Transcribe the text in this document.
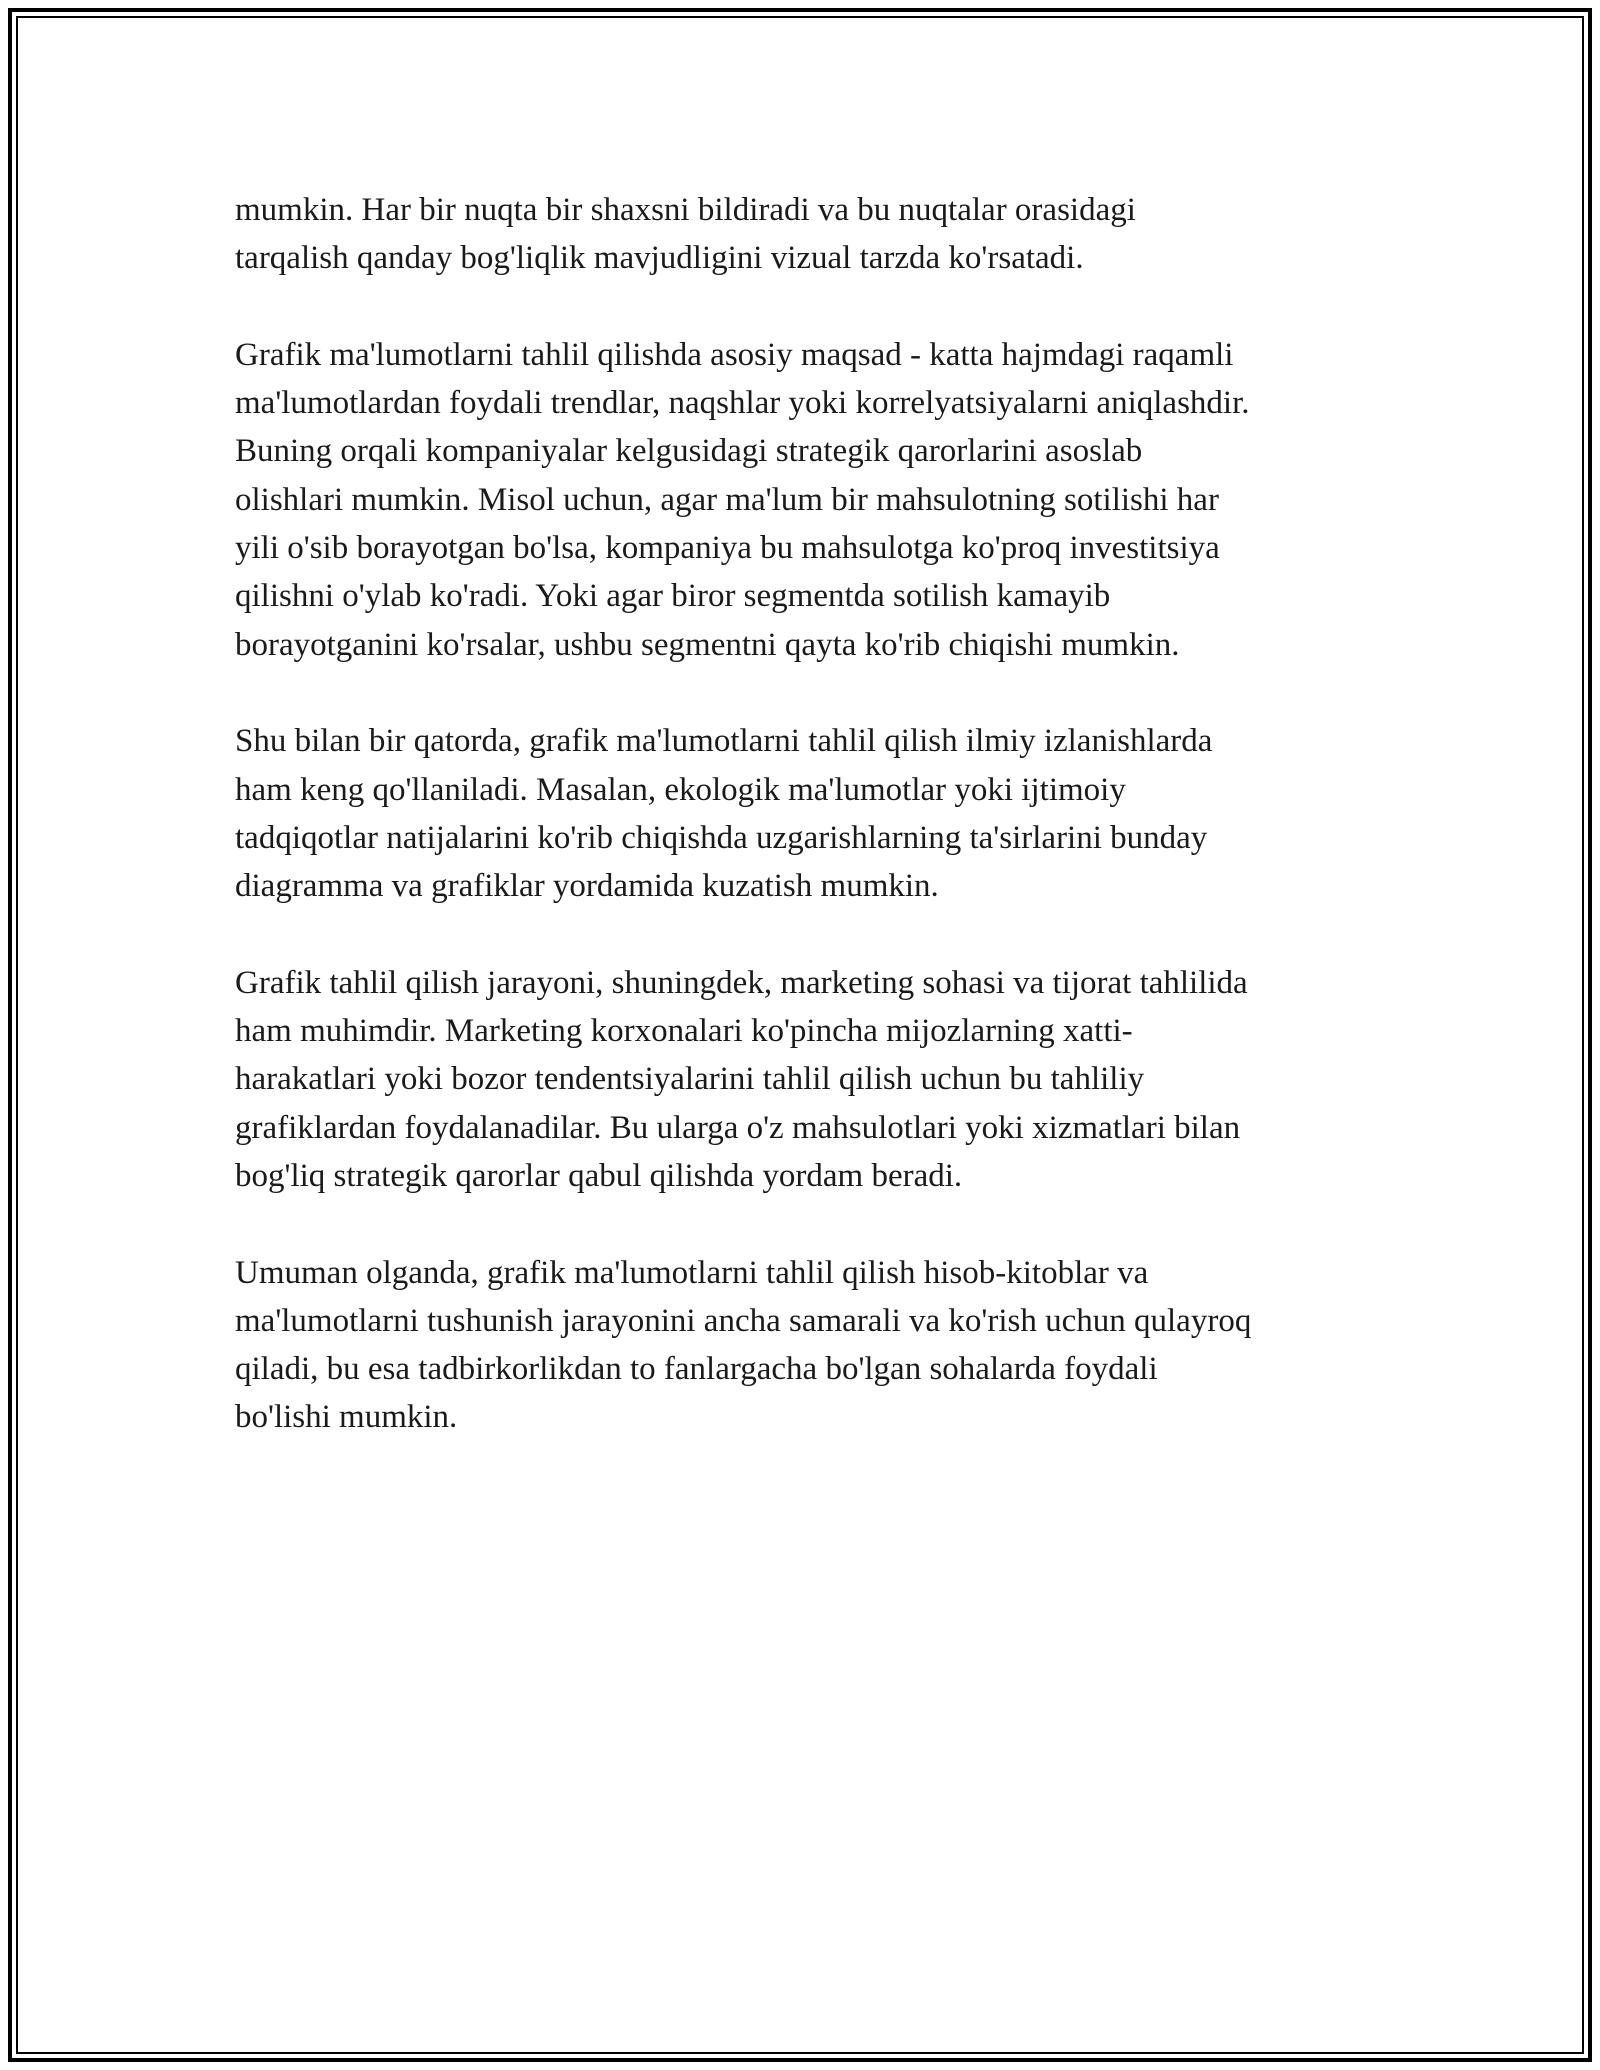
mumkin. Har bir nuqta bir shaxsni bildiradi va bu nuqtalar orasidagi
tarqalish qanday bog'liqlik mavjudligini vizual tarzda ko'rsatadi.

Grafik ma'lumotlarni tahlil qilishda asosiy maqsad - katta hajmdagi raqamli
ma'lumotlardan foydali trendlar, naqshlar yoki korrelyatsiyalarni aniqlashdir.
Buning orqali kompaniyalar kelgusidagi strategik qarorlarini asoslab
olishlari mumkin. Misol uchun, agar ma'lum bir mahsulotning sotilishi har
yili o'sib borayotgan bo'lsa, kompaniya bu mahsulotga ko'proq investitsiya
qilishni o'ylab ko'radi. Yoki agar biror segmentda sotilish kamayib
borayotganini ko'rsalar, ushbu segmentni qayta ko'rib chiqishi mumkin.

Shu bilan bir qatorda, grafik ma'lumotlarni tahlil qilish ilmiy izlanishlarda
ham keng qo'llaniladi. Masalan, ekologik ma'lumotlar yoki ijtimoiy
tadqiqotlar natijalarini ko'rib chiqishda uzgarishlarning ta'sirlarini bunday
diagramma va grafiklar yordamida kuzatish mumkin.

Grafik tahlil qilish jarayoni, shuningdek, marketing sohasi va tijorat tahlilida
ham muhimdir. Marketing korxonalari ko'pincha mijozlarning xatti-
harakatlari yoki bozor tendentsiyalarini tahlil qilish uchun bu tahliliy
grafiklardan foydalanadilar. Bu ularga o'z mahsulotlari yoki xizmatlari bilan
bog'liq strategik qarorlar qabul qilishda yordam beradi.

Umuman olganda, grafik ma'lumotlarni tahlil qilish hisob-kitoblar va
ma'lumotlarni tushunish jarayonini ancha samarali va ko'rish uchun qulayroq
qiladi, bu esa tadbirkorlikdan to fanlargacha bo'lgan sohalarda foydali
bo'lishi mumkin.
